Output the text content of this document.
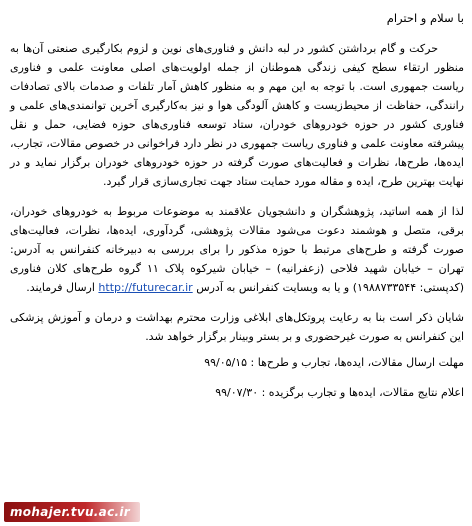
با سلام و احترام

حرکت و گام برداشتن کشور در لبه دانش و فناوری‌های نوین و لزوم بکارگیری صنعتی آن‌ها به منظور ارتقاء سطح کیفی زندگی هموطنان از جمله اولویت‌های اصلی معاونت علمی و فناوری ریاست جمهوری است. با توجه به این مهم و به منظور کاهش آمار تلفات و صدمات بالای تصادفات رانندگی، حفاظت از محیط‌زیست و کاهش آلودگی هوا و نیز به‌کارگیری آخرین توانمندی‌های علمی و فناوری کشور در حوزه خودروهای خودران، ستاد توسعه فناوری‌های حوزه فضایی، حمل و نقل پیشرفته معاونت علمی و فناوری ریاست جمهوری در نظر دارد فراخوانی در خصوص مقالات، تجارب، ایده‌ها، طرح‌ها، نظرات و فعالیت‌های صورت گرفته در حوزه خودروهای خودران برگزار نماید و در نهایت بهترین طرح، ایده و مقاله مورد حمایت ستاد جهت تجاری‌سازی قرار گیرد.

لذا از همه اساتید، پژوهشگران و دانشجویان علاقمند به موضوعات مربوط به خودروهای خودران، برقی، متصل و هوشمند دعوت می‌شود مقالات پژوهشی، گردآوری، ایده‌ها، نظرات، فعالیت‌های صورت گرفته و طرح‌های مرتبط با حوزه مذکور را برای بررسی به دبیرخانه کنفرانس به آدرس: تهران – خیابان شهید فلاحی (زعفرانیه) – خیابان شیرکوه پلاک ۱۱ گروه طرح‌های کلان فناوری (کدپستی: ۱۹۸۸۷۳۳۵۴۴) و یا به وبسایت کنفرانس به آدرس http://futurecar.ir ارسال فرمایند.

شایان ذکر است بنا به رعایت پروتکل‌های ابلاغی وزارت محترم بهداشت و درمان و آموزش پزشکی این کنفرانس به صورت غیرحضوری و بر بستر وبینار برگزار خواهد شد.

مهلت ارسال مقالات، ایده‌ها، تجارب و طرح‌ها : ۹۹/۰۵/۱۵

اعلام نتایج مقالات، ایده‌ها و تجارب برگزیده : ۹۹/۰۷/۳۰

mohajer.tvu.ac.ir
